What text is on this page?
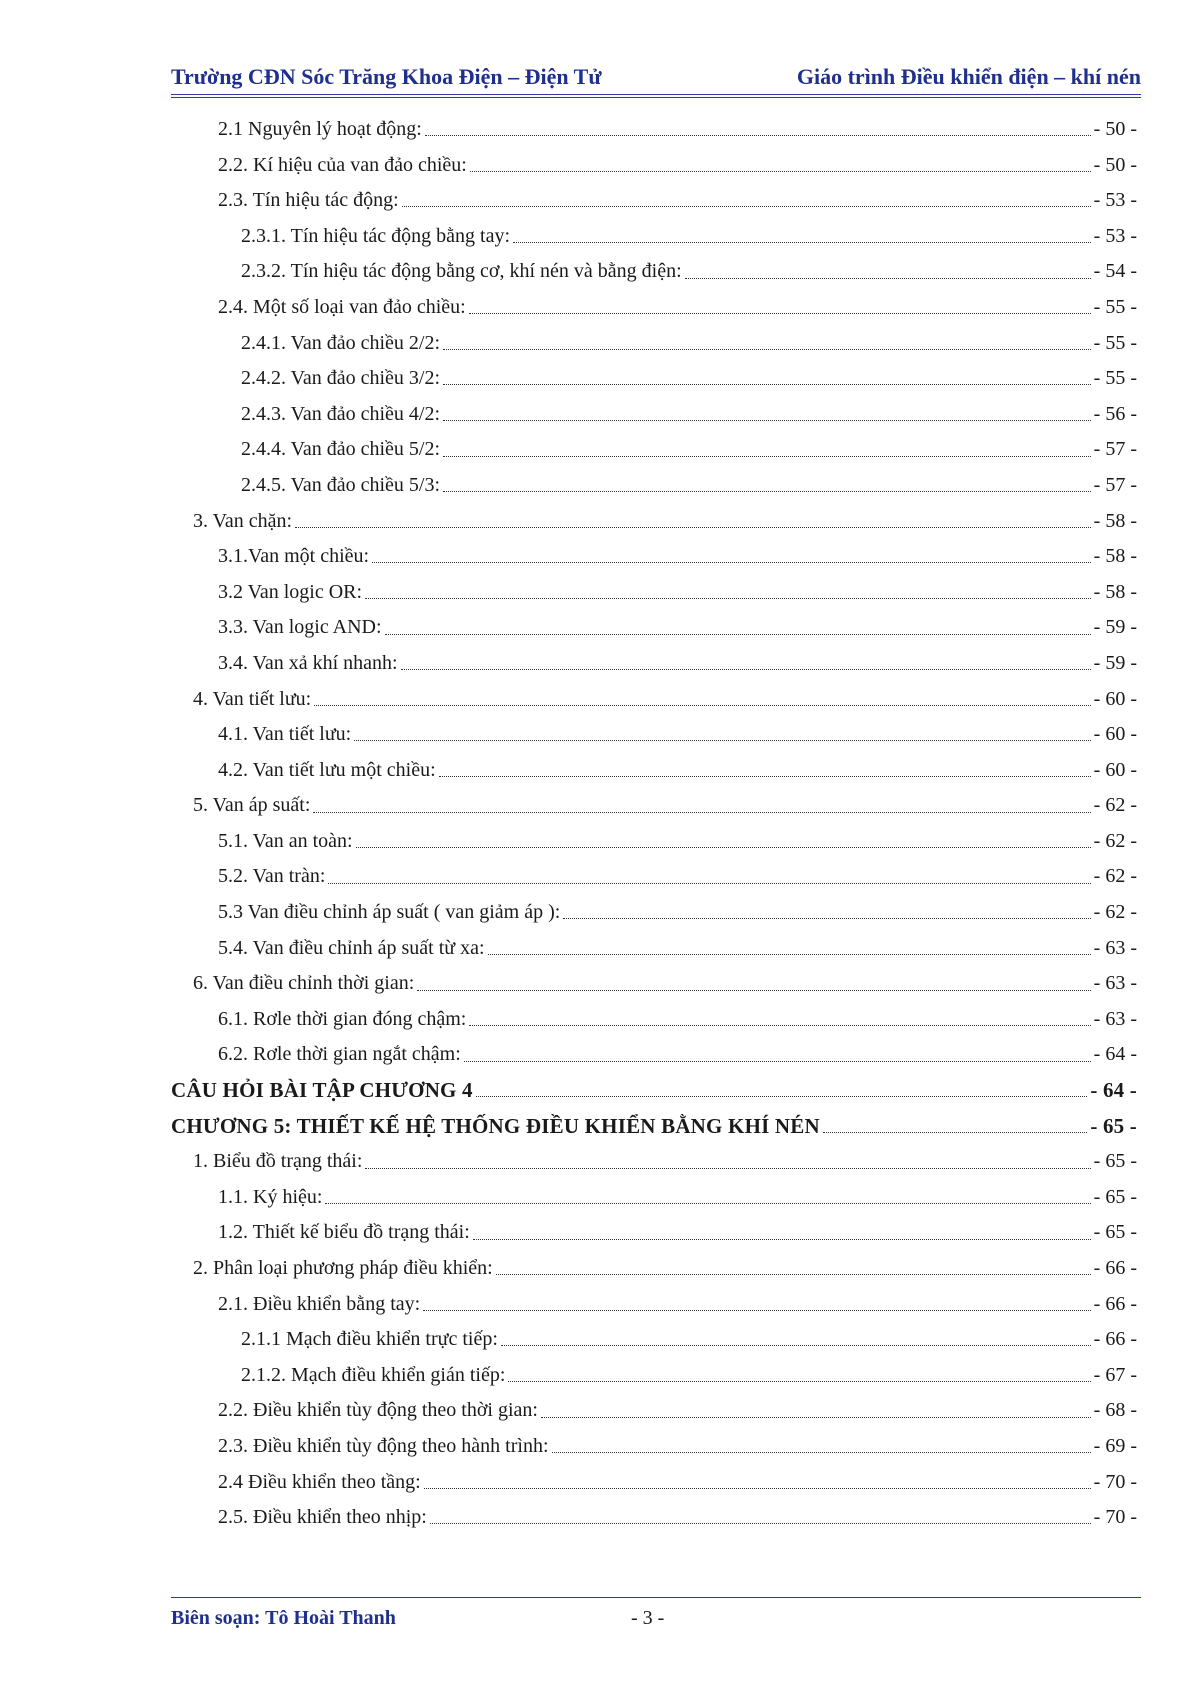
Trường CĐN Sóc Trăng Khoa Điện – Điện Tử	Giáo trình Điều khiển điện – khí nén
2.1 Nguyên lý hoạt động:	- 50 -
2.2. Kí hiệu của van đảo chiều:	- 50 -
2.3. Tín hiệu tác động:	- 53 -
2.3.1. Tín hiệu tác động bằng tay:	- 53 -
2.3.2. Tín hiệu tác động bằng cơ, khí nén và bằng điện:	- 54 -
2.4. Một số loại van đảo chiều:	- 55 -
2.4.1. Van đảo chiều 2/2:	- 55 -
2.4.2. Van đảo chiều 3/2:	- 55 -
2.4.3. Van đảo chiều 4/2:	- 56 -
2.4.4. Van đảo chiều 5/2:	- 57 -
2.4.5. Van đảo chiều 5/3:	- 57 -
3. Van chặn:	- 58 -
3.1.Van một chiều:	- 58 -
3.2 Van logic OR:	- 58 -
3.3. Van logic AND:	- 59 -
3.4. Van xả khí nhanh:	- 59 -
4. Van tiết lưu:	- 60 -
4.1. Van tiết lưu:	- 60 -
4.2. Van tiết lưu một chiều:	- 60 -
5. Van áp suất:	- 62 -
5.1. Van an toàn:	- 62 -
5.2. Van tràn:	- 62 -
5.3 Van điều chỉnh áp suất ( van giảm áp ):	- 62 -
5.4. Van điều chỉnh áp suất từ xa:	- 63 -
6. Van điều chỉnh thời gian:	- 63 -
6.1. Rơle thời gian đóng chậm:	- 63 -
6.2. Rơle thời gian ngắt chậm:	- 64 -
CÂU HỎI BÀI TẬP CHƯƠNG 4	- 64 -
CHƯƠNG 5: THIẾT KẾ HỆ THỐNG ĐIỀU KHIỂN BẰNG KHÍ NÉN	- 65 -
1. Biểu đồ trạng thái:	- 65 -
1.1. Ký hiệu:	- 65 -
1.2. Thiết kế biểu đồ trạng thái:	- 65 -
2. Phân loại phương pháp điều khiển:	- 66 -
2.1. Điều khiển bằng tay:	- 66 -
2.1.1 Mạch điều khiển trực tiếp:	- 66 -
2.1.2. Mạch điều khiển gián tiếp:	- 67 -
2.2. Điều khiển tùy động theo thời gian:	- 68 -
2.3. Điều khiển tùy động theo hành trình:	- 69 -
2.4 Điều khiển theo tầng:	- 70 -
2.5. Điều khiển theo nhịp:	- 70 -
Biên soạn: Tô Hoài Thanh	- 3 -
